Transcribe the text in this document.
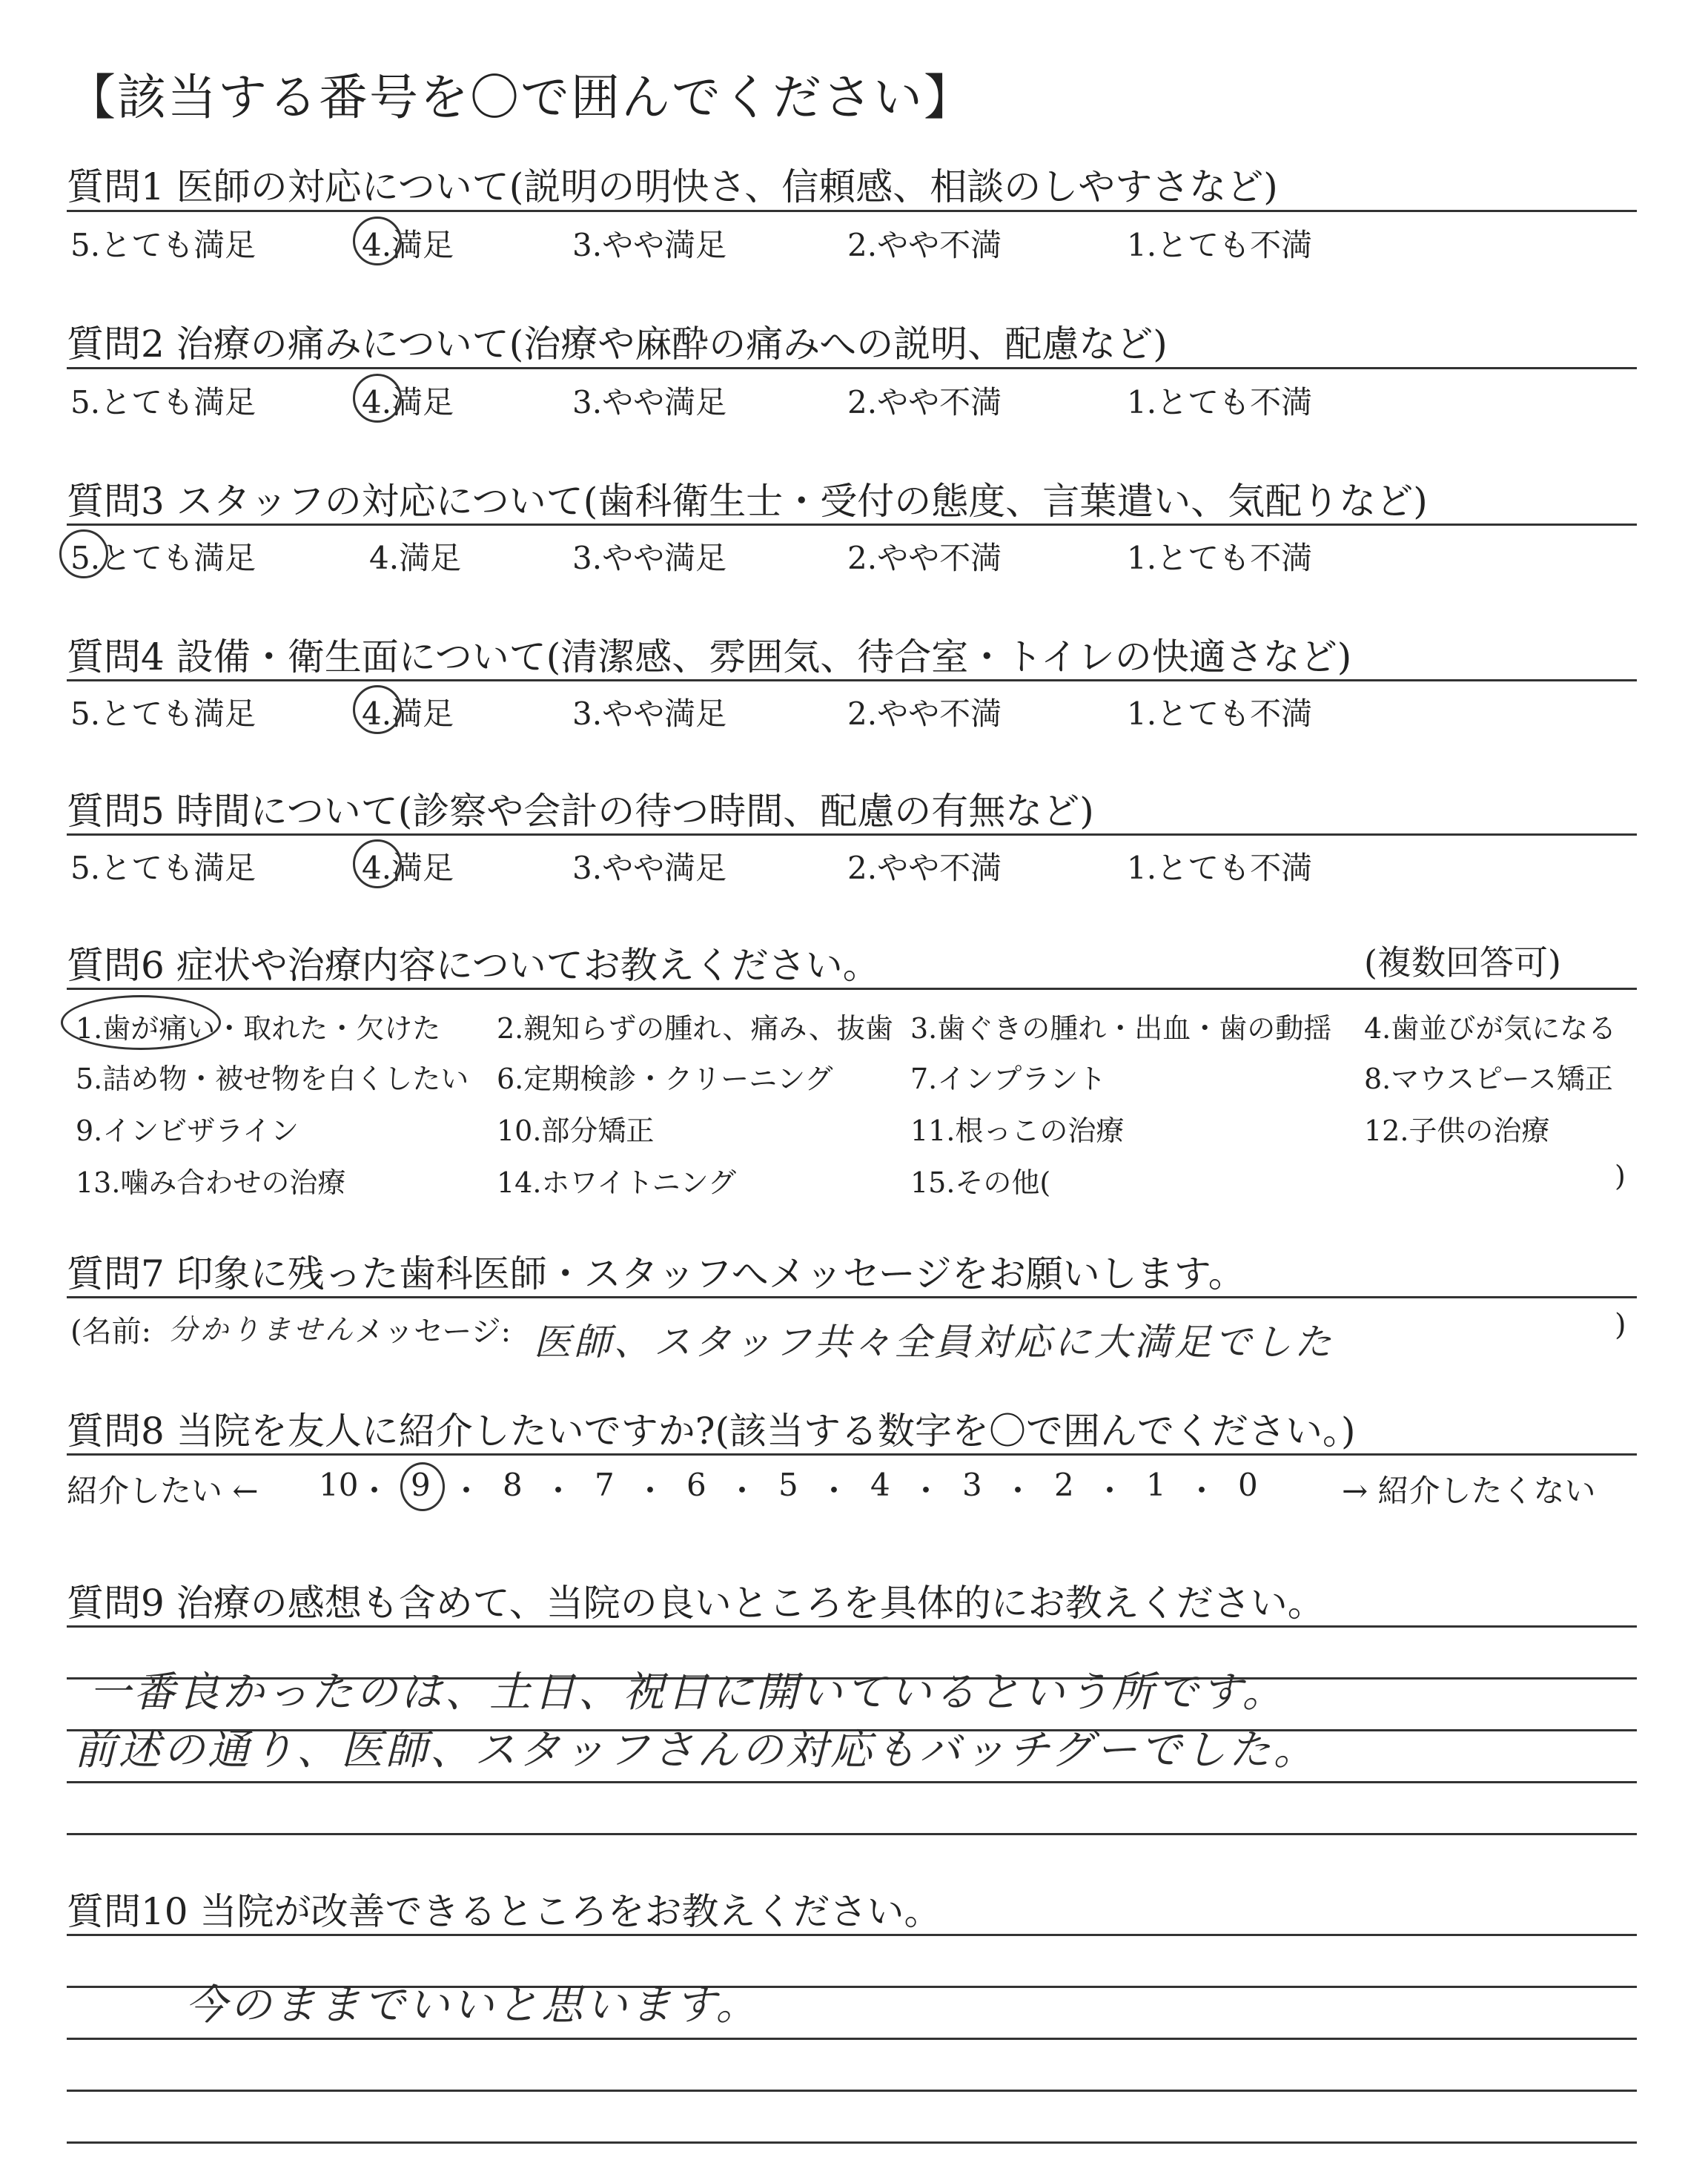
【該当する番号を〇で囲んでください】
質問1 医師の対応について(説明の明快さ、信頼感、相談のしやすさなど)
5.とても満足	4.満足	3.やや満足	2.やや不満	1.とても不満
質問2 治療の痛みについて(治療や麻酔の痛みへの説明、配慮など)
5.とても満足	4.満足	3.やや満足	2.やや不満	1.とても不満
質問3 スタッフの対応について(歯科衛生士・受付の態度、言葉遣い、気配りなど)
5.とても満足	4.満足	3.やや満足	2.やや不満	1.とても不満
質問4 設備・衛生面について(清潔感、雰囲気、待合室・トイレの快適さなど)
5.とても満足	4.満足	3.やや満足	2.やや不満	1.とても不満
質問5 時間について(診察や会計の待つ時間、配慮の有無など)
5.とても満足	4.満足	3.やや満足	2.やや不満	1.とても不満
質問6 症状や治療内容についてお教えください。	(複数回答可)
1.歯が痛い・取れた・欠けた 2.親知らずの腫れ、痛み、抜歯 3.歯ぐきの腫れ・出血・歯の動揺 4.歯並びが気になる
5.詰め物・被せ物を白くしたい 6.定期検診・クリーニング	7.インプラント	8.マウスピース矯正
9.インビザライン	10.部分矯正	11.根っこの治療	12.子供の治療
13.噛み合わせの治療	14.ホワイトニング	15.その他(	)
質問7 印象に残った歯科医師・スタッフへメッセージをお願いします。
(名前: 分かりません
メッセージ: 医師、スタッフ共々全員対応に大満足でした	)
質問8 当院を友人に紹介したいですか?(該当する数字を〇で囲んでください。)
紹介したい ← 10 ・ 9 ・ 8 ・ 7 ・ 6 ・ 5 ・ 4 ・ 3 ・ 2 ・ 1 ・ 0	→ 紹介したくない
質問9 治療の感想も含めて、当院の良いところを具体的にお教えください。
一番良かったのは、土日、祝日に開いているという所です。
前述の通り、医師、スタッフさんの対応もバッチグーでした。
質問10 当院が改善できるところをお教えください。
今のままでいいと思います。
